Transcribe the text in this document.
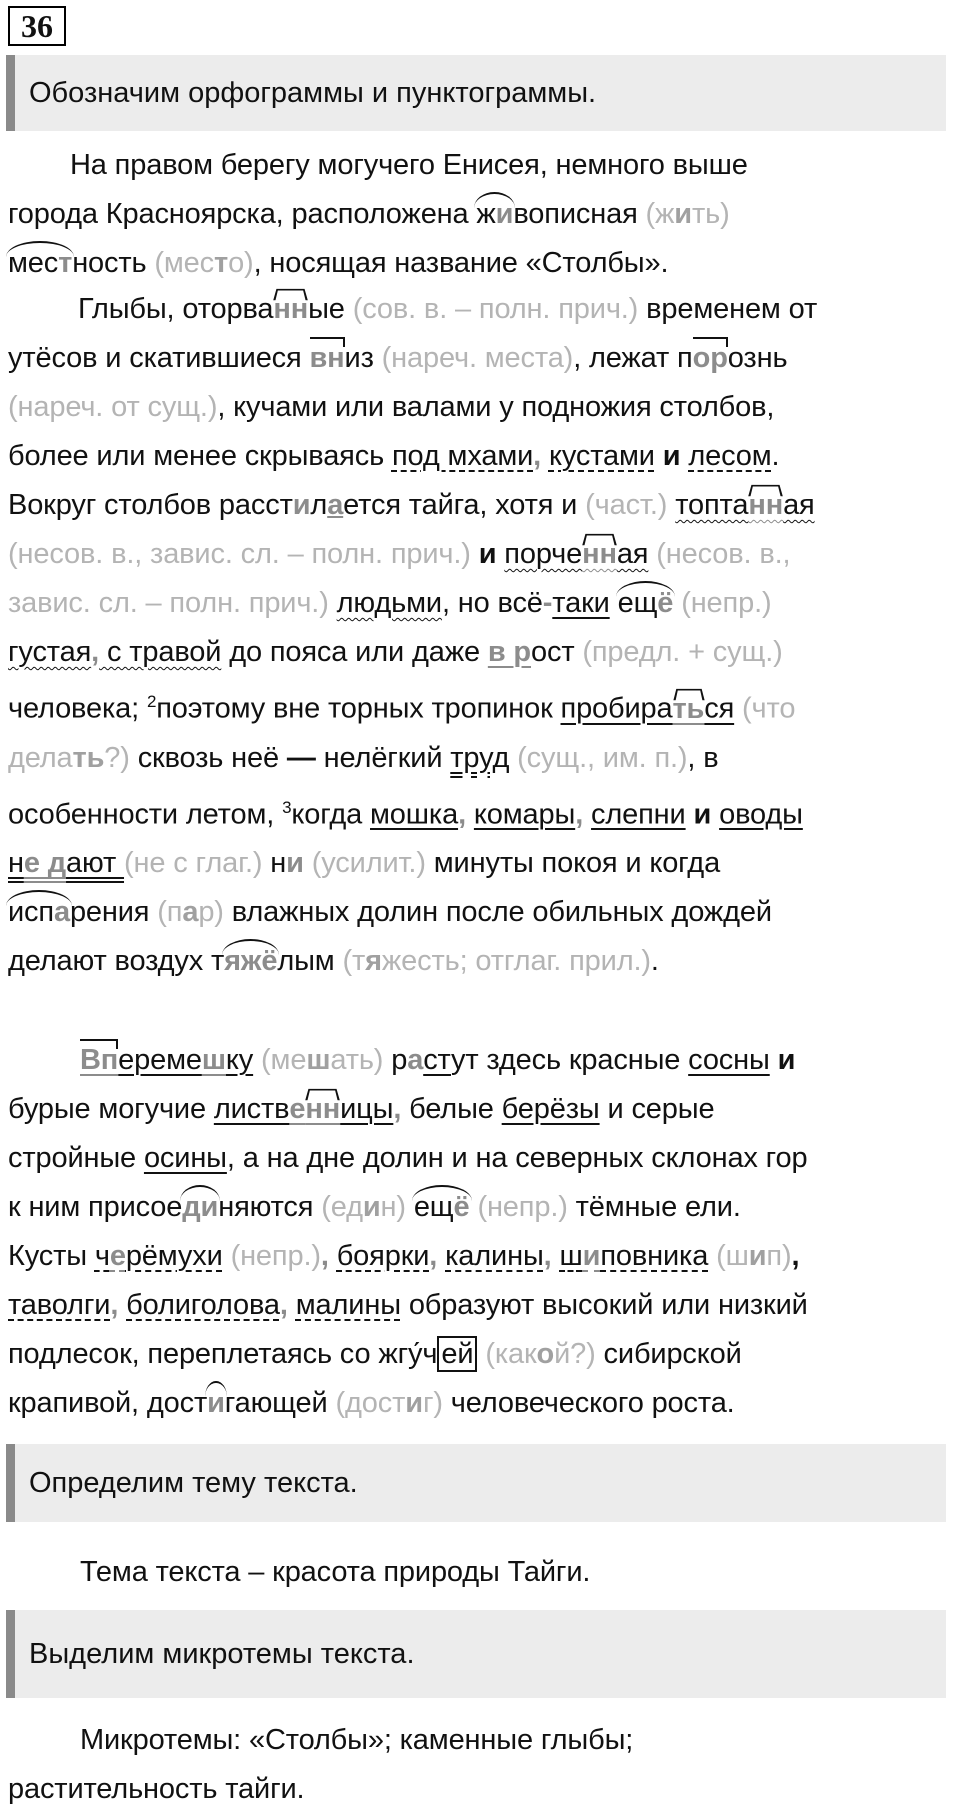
36
Обозначим орфограммы и пунктограммы.
На правом берегу могучего Енисея, немного выше
города Красноярска, расположена живописная (жить)
местность (место), носящая название «Столбы».
Глыбы, оторванные (сов. в. – полн. прич.) временем от
утёсов и скатившиеся вниз (нареч. места), лежат порознь
(нареч. от сущ.), кучами или валами у подножия столбов,
более или менее скрываясь под мхами, кустами и лесом.
Вокруг столбов расстилается тайга, хотя и (част.) топтанная
(несов. в., завис. сл. – полн. прич.) и порченная (несов. в.,
завис. сл. – полн. прич.) людьми, но всё-таки ещё (непр.)
густая, с травой до пояса или даже в рост (предл. + сущ.)
человека; $^2$поэтому вне торных тропинок пробираться (что
делать?) сквозь неё — нелёгкий труд (сущ., им. п.), в
особенности летом, $^3$когда мошка, комары, слепни и оводы
не дают (не с глаг.) ни (усилит.) минуты покоя и когда
испарения (пар) влажных долин после обильных дождей
делают воздух тяжёлым (тяжесть; отглаг. прил.).
Вперемешку (мешать) растут здесь красные сосны и
бурые могучие лиственницы, белые берёзы и серые
стройные осины, а на дне долин и на северных склонах гор
к ним присоединяются (един) ещё (непр.) тёмные ели.
Кусты черёмухи (непр.), боярки, калины, шиповника (шип),
таволги, болиголова, малины образуют высокий или низкий
подлесок, переплетаясь со жгу́ч ей (какой?) сибирской
крапивой, достигающей (достиг) человеческого роста.
Определим тему текста.
Тема текста – красота природы Тайги.
Выделим микротемы текста.
Микротемы: «Столбы»; каменные глыбы;
растительность тайги.
